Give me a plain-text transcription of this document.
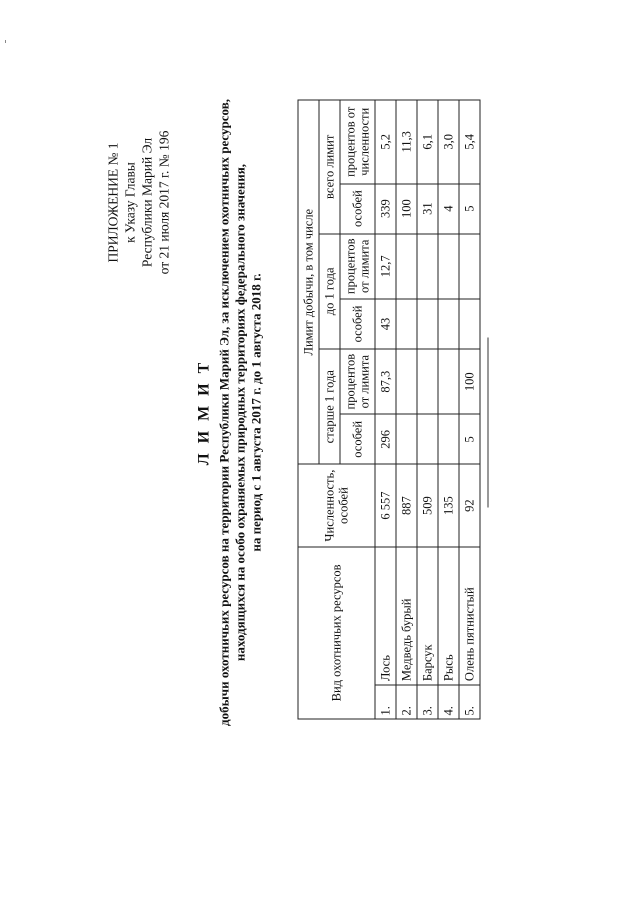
ПРИЛОЖЕНИЕ № 1 к Указу Главы Республики Марий Эл от 21 июля 2017 г. № 196
Л И М И Т добычи охотничьих ресурсов на территории Республики Марий Эл, за исключением охотничьих ресурсов, находящихся на особо охраняемых природных территориях федерального значения, на период с 1 августа 2017 г. до 1 августа 2018 г.
Вид охотничьих ресурсов		Численность, особей	Лимит добычи, в том числе					
			старше 1 года		до 1 года		всего лимит	
			особей	процентов от лимита	особей	процентов от лимита	особей	процентов от численности
1.	Лось	6 557	296	87,3	43	12,7	339	5,2
2.	Медведь бурый	887					100	11,3
3.	Барсук	509					31	6,1
4.	Рысь	135					4	3,0
5.	Олень пятнистый	92	5	100			5	5,4
